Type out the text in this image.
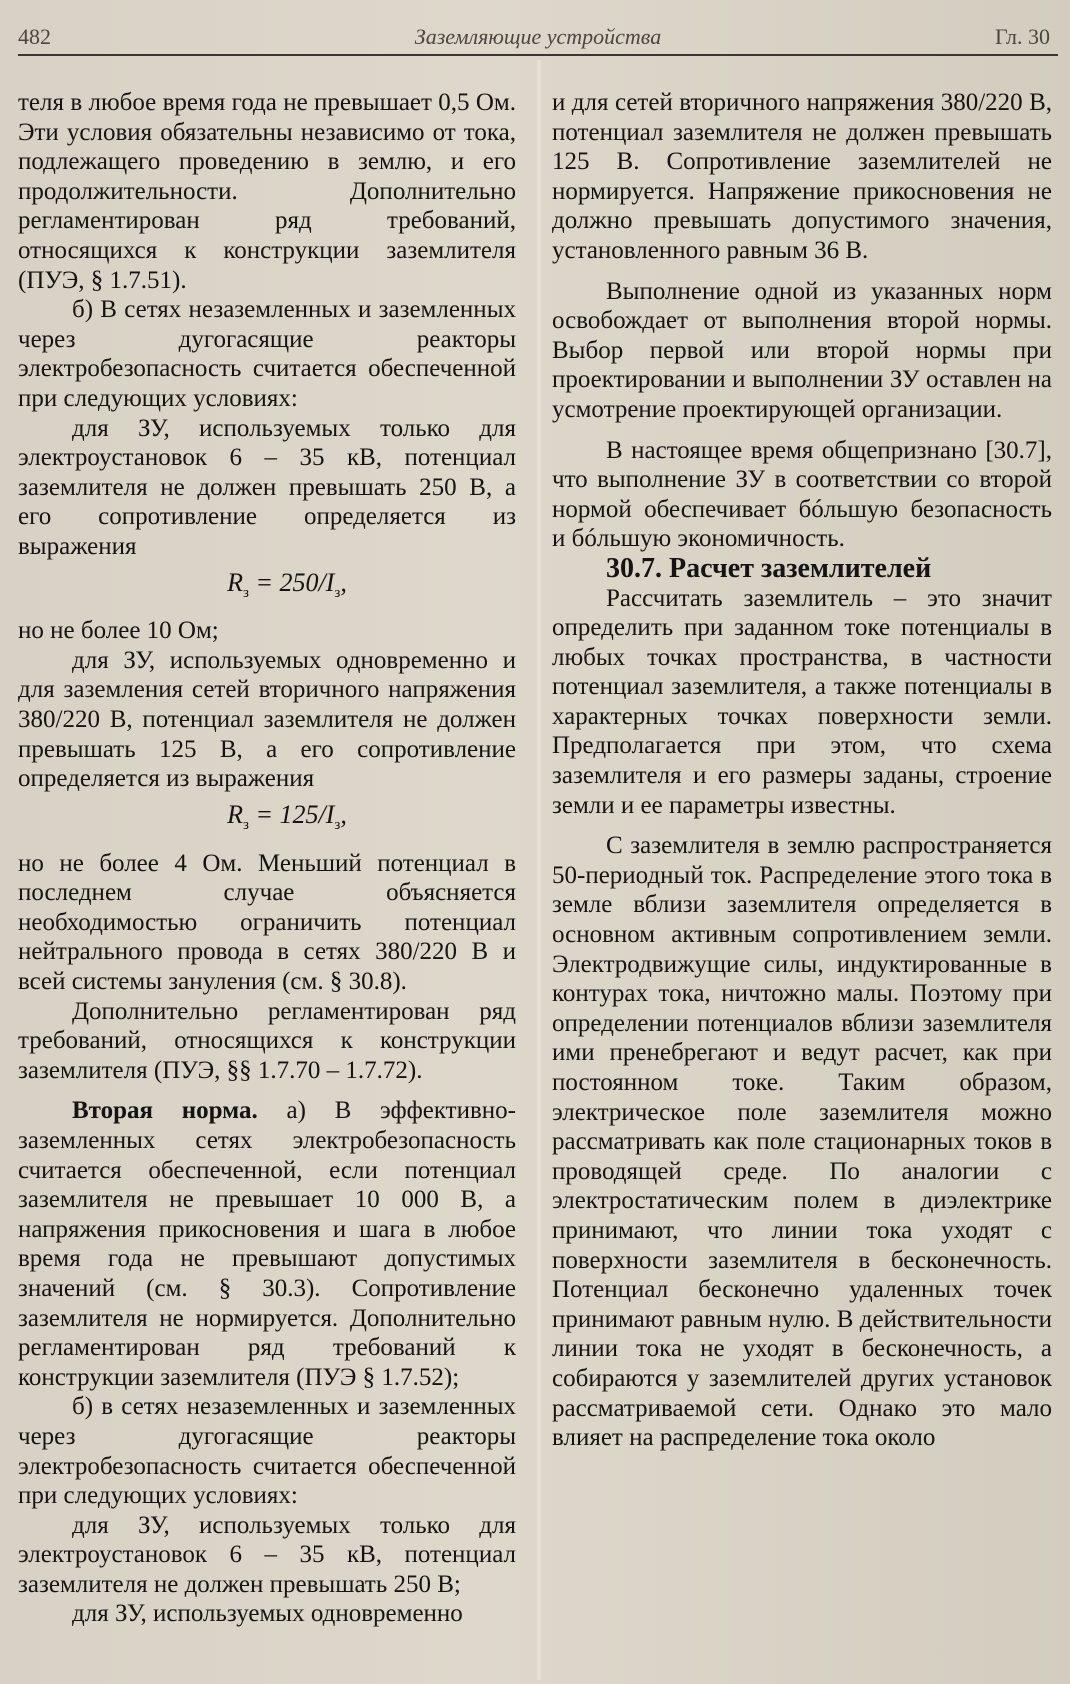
482	Заземляющие устройства	Гл. 30

теля в любое время года не превышает 0,5 Ом. Эти условия обязательны независимо от тока, подлежащего проведению в землю, и его продолжительности. Дополнительно регламентирован ряд требований, относящихся к конструкции заземлителя (ПУЭ, § 1.7.51).

б) В сетях незаземленных и заземленных через дугогасящие реакторы электробезопасность считается обеспеченной при следующих условиях:

для ЗУ, используемых только для электроустановок 6 – 35 кВ, потенциал заземлителя не должен превышать 250 В, а его сопротивление определяется из выражения

$R_з = 250/I_з$,

но не более 10 Ом;

для ЗУ, используемых одновременно и для заземления сетей вторичного напряжения 380/220 В, потенциал заземлителя не должен превышать 125 В, а его сопротивление определяется из выражения

$R_з = 125/I_з$,

но не более 4 Ом. Меньший потенциал в последнем случае объясняется необходимостью ограничить потенциал нейтрального провода в сетях 380/220 В и всей системы зануления (см. § 30.8).

Дополнительно регламентирован ряд требований, относящихся к конструкции заземлителя (ПУЭ, §§ 1.7.70 – 1.7.72).

Вторая норма. а) В эффективно-заземленных сетях электробезопасность считается обеспеченной, если потенциал заземлителя не превышает 10 000 В, а напряжения прикосновения и шага в любое время года не превышают допустимых значений (см. § 30.3). Сопротивление заземлителя не нормируется. Дополнительно регламентирован ряд требований к конструкции заземлителя (ПУЭ § 1.7.52);

б) в сетях незаземленных и заземленных через дугогасящие реакторы электробезопасность считается обеспеченной при следующих условиях:

для ЗУ, используемых только для электроустановок 6 – 35 кВ, потенциал заземлителя не должен превышать 250 В;

для ЗУ, используемых одновременно

и для сетей вторичного напряжения 380/220 В, потенциал заземлителя не должен превышать 125 В. Сопротивление заземлителей не нормируется. Напряжение прикосновения не должно превышать допустимого значения, установленного равным 36 В.

Выполнение одной из указанных норм освобождает от выполнения второй нормы. Выбор первой или второй нормы при проектировании и выполнении ЗУ оставлен на усмотрение проектирующей организации.

В настоящее время общепризнано [30.7], что выполнение ЗУ в соответствии со второй нормой обеспечивает бóльшую безопасность и бóльшую экономичность.

30.7. Расчет заземлителей

Рассчитать заземлитель – это значит определить при заданном токе потенциалы в любых точках пространства, в частности потенциал заземлителя, а также потенциалы в характерных точках поверхности земли. Предполагается при этом, что схема заземлителя и его размеры заданы, строение земли и ее параметры известны.

С заземлителя в землю распространяется 50-периодный ток. Распределение этого тока в земле вблизи заземлителя определяется в основном активным сопротивлением земли. Электродвижущие силы, индуктированные в контурах тока, ничтожно малы. Поэтому при определении потенциалов вблизи заземлителя ими пренебрегают и ведут расчет, как при постоянном токе. Таким образом, электрическое поле заземлителя можно рассматривать как поле стационарных токов в проводящей среде. По аналогии с электростатическим полем в диэлектрике принимают, что линии тока уходят с поверхности заземлителя в бесконечность. Потенциал бесконечно удаленных точек принимают равным нулю. В действительности линии тока не уходят в бесконечность, а собираются у заземлителей других установок рассматриваемой сети. Однако это мало влияет на распределение тока около
